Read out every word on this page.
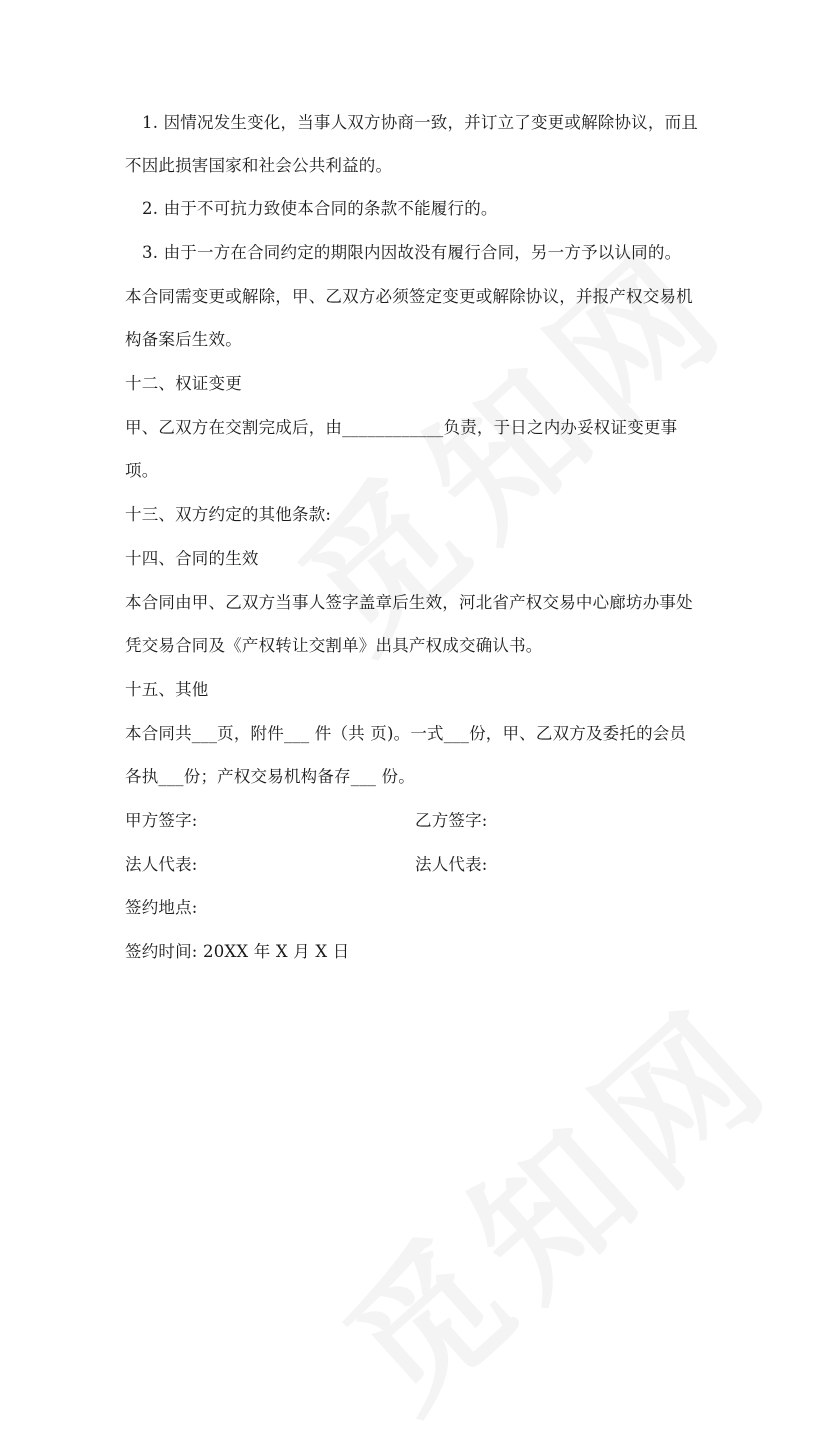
1. 因情况发生变化，当事人双方协商一致，并订立了变更或解除协议，而且
不因此损害国家和社会公共利益的。
2. 由于不可抗力致使本合同的条款不能履行的。
3. 由于一方在合同约定的期限内因故没有履行合同，另一方予以认同的。
本合同需变更或解除，甲、乙双方必须签定变更或解除协议，并报产权交易机
构备案后生效。
十二、权证变更
甲、乙双方在交割完成后，由____________负责，于日之内办妥权证变更事
项。
十三、双方约定的其他条款:
十四、合同的生效
本合同由甲、乙双方当事人签字盖章后生效，河北省产权交易中心廊坊办事处
凭交易合同及《产权转让交割单》出具产权成交确认书。
十五、其他
本合同共___页，附件___ 件（共 页)。一式___份，甲、乙双方及委托的会员
各执___份；产权交易机构备存___ 份。
甲方签字:	乙方签字:
法人代表:	法人代表:
签约地点:
签约时间: 20XX 年 X 月 X 日
